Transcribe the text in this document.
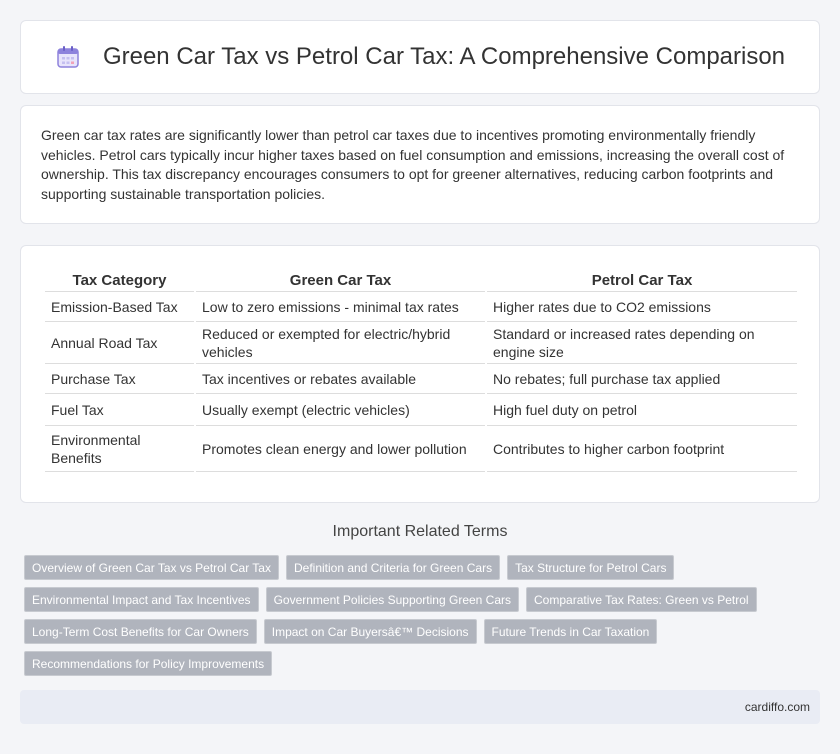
Green Car Tax vs Petrol Car Tax: A Comprehensive Comparison

Green car tax rates are significantly lower than petrol car taxes due to incentives promoting environmentally friendly vehicles. Petrol cars typically incur higher taxes based on fuel consumption and emissions, increasing the overall cost of ownership. This tax discrepancy encourages consumers to opt for greener alternatives, reducing carbon footprints and supporting sustainable transportation policies.

Tax Category	Green Car Tax	Petrol Car Tax
Emission-Based Tax	Low to zero emissions - minimal tax rates	Higher rates due to CO2 emissions
Annual Road Tax	Reduced or exempted for electric/hybrid vehicles	Standard or increased rates depending on engine size
Purchase Tax	Tax incentives or rebates available	No rebates; full purchase tax applied
Fuel Tax	Usually exempt (electric vehicles)	High fuel duty on petrol
Environmental Benefits	Promotes clean energy and lower pollution	Contributes to higher carbon footprint
Important Related Terms
Overview of Green Car Tax vs Petrol Car Tax	Definition and Criteria for Green Cars	Tax Structure for Petrol Cars
Environmental Impact and Tax Incentives	Government Policies Supporting Green Cars	Comparative Tax Rates: Green vs Petrol
Long-Term Cost Benefits for Car Owners	Impact on Car Buyersâ€™ Decisions	Future Trends in Car Taxation
Recommendations for Policy Improvements
cardiffo.com
